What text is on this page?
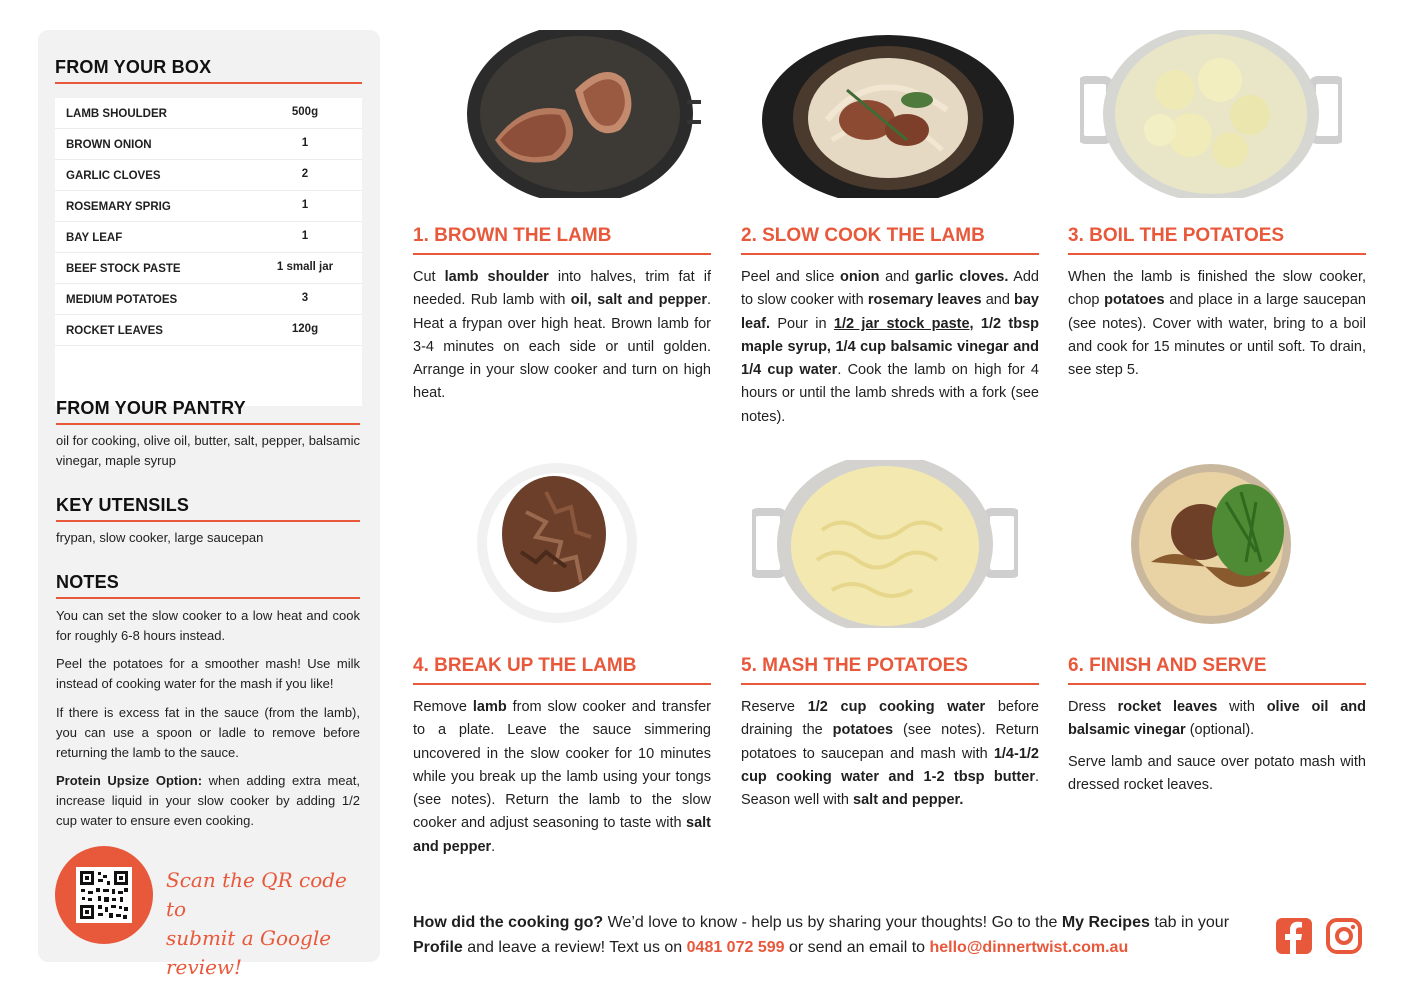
FROM YOUR BOX
LAMB SHOULDER	500g
BROWN ONION	1
GARLIC CLOVES	2
ROSEMARY SPRIG	1
BAY LEAF	1
BEEF STOCK PASTE	1 small jar
MEDIUM POTATOES	3
ROCKET LEAVES	120g
FROM YOUR PANTRY
oil for cooking, olive oil, butter, salt, pepper, balsamic vinegar, maple syrup
KEY UTENSILS
frypan, slow cooker, large saucepan
NOTES
You can set the slow cooker to a low heat and cook for roughly 6-8 hours instead.
Peel the potatoes for a smoother mash! Use milk instead of cooking water for the mash if you like!
If there is excess fat in the sauce (from the lamb), you can use a spoon or ladle to remove before returning the lamb to the sauce.
Protein Upsize Option: when adding extra meat, increase liquid in your slow cooker by adding 1/2 cup water to ensure even cooking.
Scan the QR code to
submit a Google review!
1. BROWN THE LAMB
Cut lamb shoulder into halves, trim fat if needed. Rub lamb with oil, salt and pepper. Heat a frypan over high heat. Brown lamb for 3-4 minutes on each side or until golden. Arrange in your slow cooker and turn on high heat.
2. SLOW COOK THE LAMB
Peel and slice onion and garlic cloves. Add to slow cooker with rosemary leaves and bay leaf. Pour in 1/2 jar stock paste, 1/2 tbsp maple syrup, 1/4 cup balsamic vinegar and 1/4 cup water. Cook the lamb on high for 4 hours or until the lamb shreds with a fork (see notes).
3. BOIL THE POTATOES
When the lamb is finished the slow cooker, chop potatoes and place in a large saucepan (see notes). Cover with water, bring to a boil and cook for 15 minutes or until soft. To drain, see step 5.
4. BREAK UP THE LAMB
Remove lamb from slow cooker and transfer to a plate. Leave the sauce simmering uncovered in the slow cooker for 10 minutes while you break up the lamb using your tongs (see notes). Return the lamb to the slow cooker and adjust seasoning to taste with salt and pepper.
5. MASH THE POTATOES
Reserve 1/2 cup cooking water before draining the potatoes (see notes). Return potatoes to saucepan and mash with 1/4-1/2 cup cooking water and 1-2 tbsp butter. Season well with salt and pepper.
6. FINISH AND SERVE

Dress rocket leaves with olive oil and balsamic vinegar (optional).

Serve lamb and sauce over potato mash with dressed rocket leaves.

How did the cooking go? We’d love to know - help us by sharing your thoughts! Go to the My Recipes tab in your Profile and leave a review! Text us on 0481 072 599 or send an email to hello@dinnertwist.com.au
